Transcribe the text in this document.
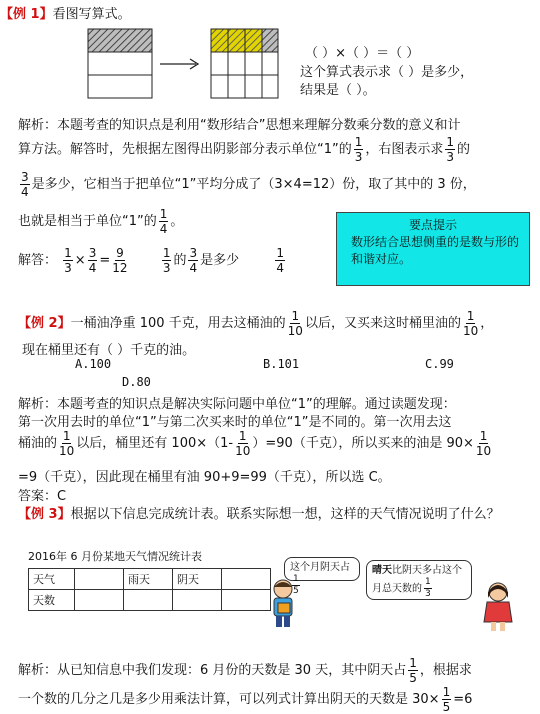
【例 1】看图写算式。
（ ）×（ ）＝（ ）
这个算式表示求（ ）是多少，
结果是（ ）。
解析：本题考查的知识点是利用“数形结合”思想来理解分数乘分数的意义和计
算方法。解答时，先根据左图得出阴影部分表示单位“1”的 $\frac{1}{3}$ ，右图表示求 $\frac{1}{3}$ 的
$\frac{3}{4}$ 是多少，它相当于把单位“1”平均分成了（3×4=12）份，取了其中的 3 份，
也就是相当于单位“1”的 $\frac{1}{4}$ 。
解答： $\frac{1}{3} \times \frac{3}{4} = \frac{9}{12}$
	$\frac{1}{3}$ 的 $\frac{3}{4}$ 是多少	$\frac{1}{4}$
要点提示
数形结合思想侧重的是数与形的和谐对应。
【例 2】一桶油净重 100 千克，用去这桶油的 $\frac{1}{10}$ 以后，又买来这时桶里油的 $\frac{1}{10}$ ，
现在桶里还有（ ）千克的油。
A.100	B.101	C.99
D.80
解析：本题考查的知识点是解决实际问题中单位“1”的理解。通过读题发现：
第一次用去时的单位“1”与第二次买来时的单位“1”是不同的。第一次用去这
桶油的 $\frac{1}{10}$ 以后，桶里还有 $100\times(1- \frac{1}{10} )=90$（千克），所以买来的油是 $90\times \frac{1}{10}$
=9（千克），因此现在桶里有油 90+9=99（千克），所以选 C。
答案：C
【例 3】根据以下信息完成统计表。联系实际想一想，这样的天气情况说明了什么？
2016年 6 月份某地天气情况统计表
天气		雨天	阴天	
天数				
这个月阴天占
$\frac{1}{5}$
晴天比阴天多占这个月总天数的 $\frac{1}{3}$
解析：从已知信息中我们发现：6 月份的天数是 30 天，其中阴天占 $\frac{1}{5}$ ，根据求
一个数的几分之几是多少用乘法计算，可以列式计算出阴天的天数是 $30\times \frac{1}{5} =6$
